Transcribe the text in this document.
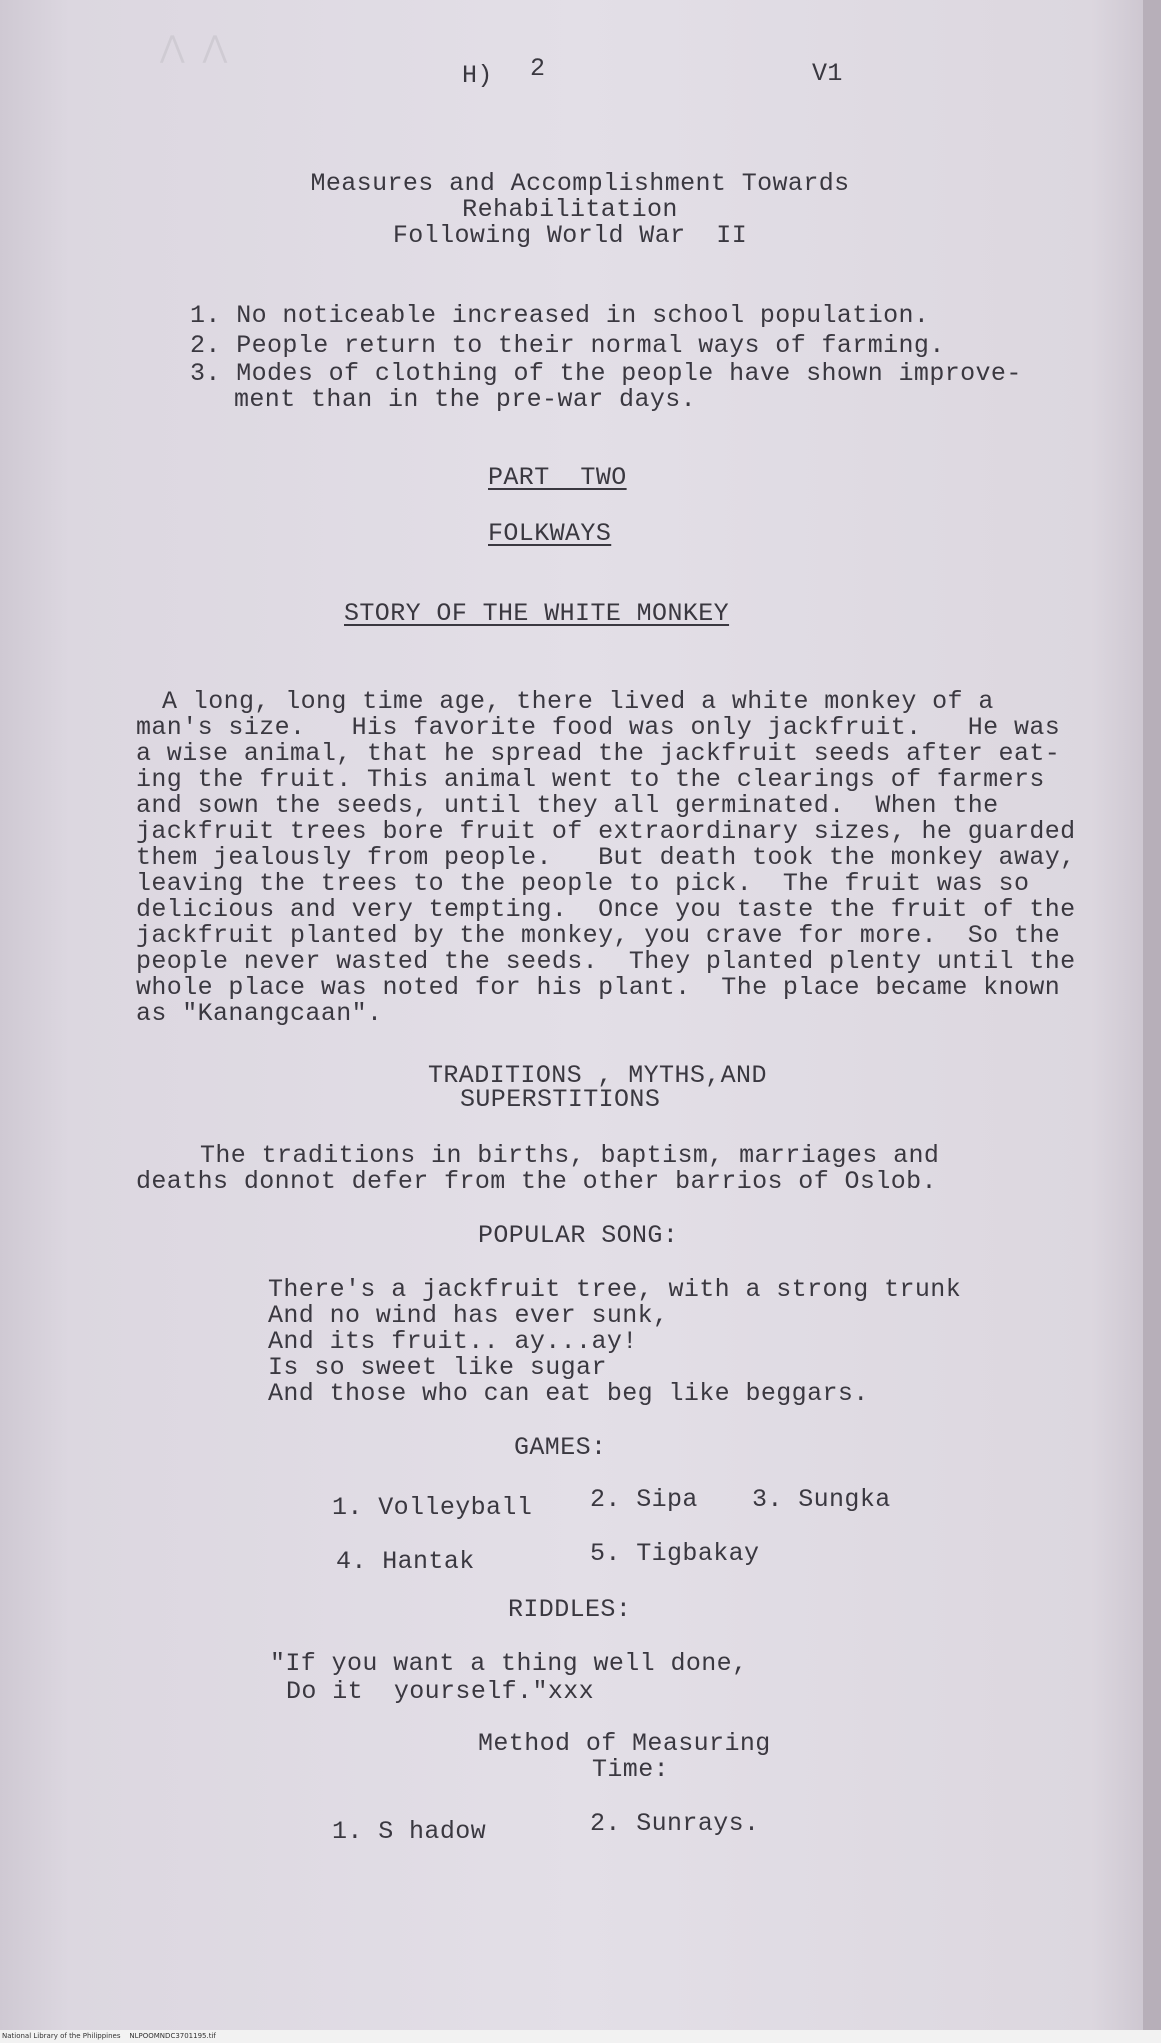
⋀ ⋀
H) 2	V1
Measures and Accomplishment Towards
Rehabilitation
Following World War  II
1. No noticeable increased in school population.
2. People return to their normal ways of farming.
3. Modes of clothing of the people have shown improve-
ment than in the pre-war days.
PART  TWO
FOLKWAYS
STORY OF THE WHITE MONKEY
A long, long time age, there lived a white monkey of a
man's size.   His favorite food was only jackfruit.   He was
a wise animal, that he spread the jackfruit seeds after eat-
ing the fruit. This animal went to the clearings of farmers
and sown the seeds, until they all germinated.  When the
jackfruit trees bore fruit of extraordinary sizes, he guarded
them jealously from people.   But death took the monkey away,
leaving the trees to the people to pick.  The fruit was so
delicious and very tempting.  Once you taste the fruit of the
jackfruit planted by the monkey, you crave for more.  So the
people never wasted the seeds.  They planted plenty until the
whole place was noted for his plant.  The place became known
as "Kanangcaan".
TRADITIONS , MYTHS,AND
SUPERSTITIONS
The traditions in births, baptism, marriages and
deaths donnot defer from the other barrios of Oslob.
POPULAR SONG:
There's a jackfruit tree, with a strong trunk
And no wind has ever sunk,
And its fruit.. ay...ay!
Is so sweet like sugar
And those who can eat beg like beggars.
GAMES:
1. Volleyball 2. Sipa 3. Sungka
4. Hantak	5. Tigbakay
RIDDLES:
"If you want a thing well done,
Do it  yourself."xxx
Method of Measuring
Time:
1. S hadow	2. Sunrays.
National Library of the Philippines    NLPOOMNDC3701195.tif
